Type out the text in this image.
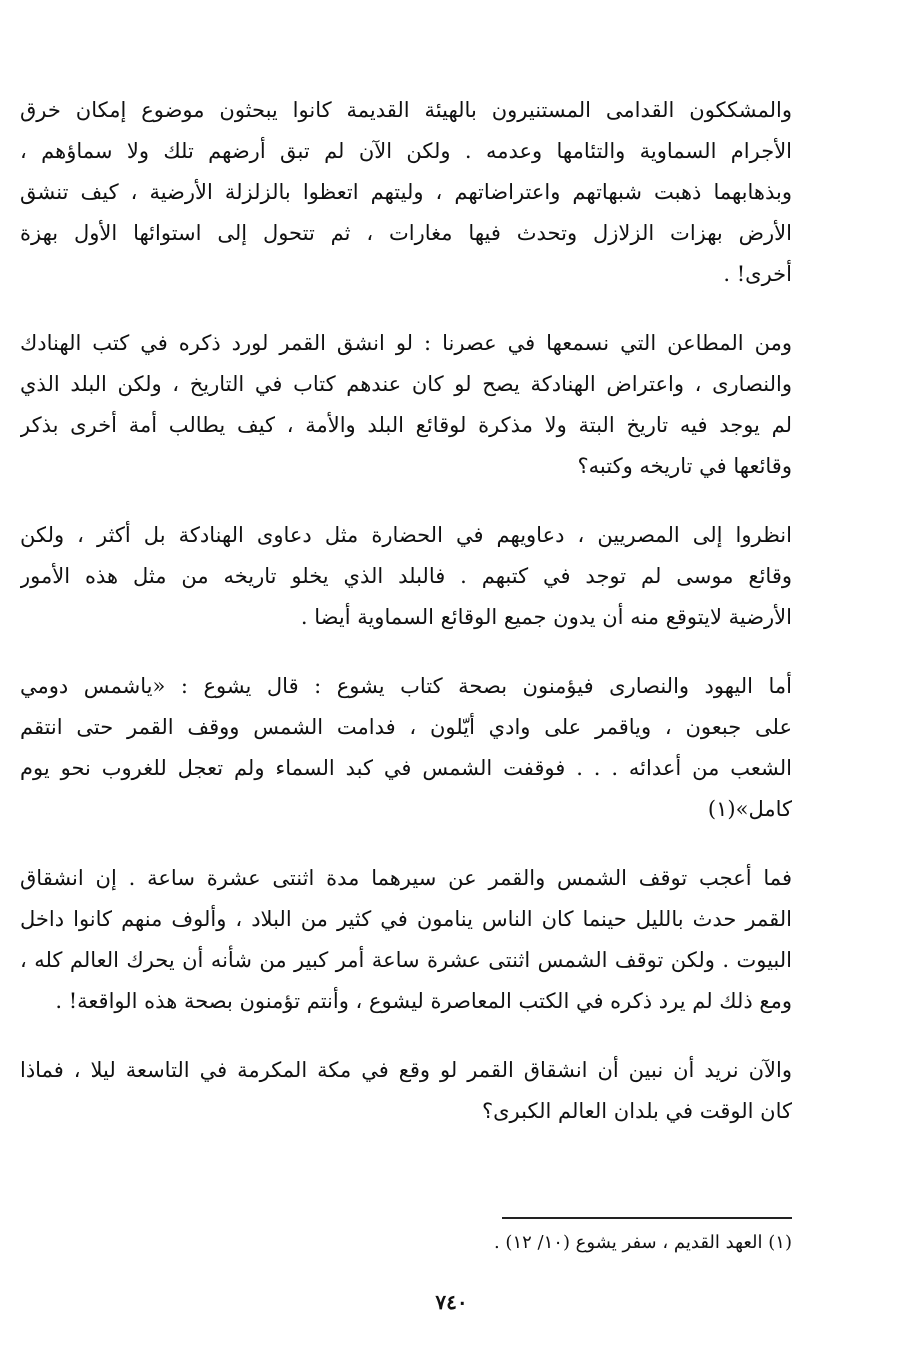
والمشككون القدامى المستنيرون بالهيئة القديمة كانوا يبحثون موضوع إمكان خرق
الأجرام السماوية والتئامها وعدمه . ولكن الآن لم تبق أرضهم تلك ولا سماؤهم ،
وبذهابهما ذهبت شبهاتهم واعتراضاتهم ، وليتهم اتعظوا بالزلزلة الأرضية ، كيف تنشق
الأرض بهزات الزلازل وتحدث فيها مغارات ، ثم تتحول إلى استوائها الأول بهزة
أخرى! .
ومن المطاعن التي نسمعها في عصرنا : لو انشق القمر لورد ذكره في كتب الهنادك
والنصارى ، واعتراض الهنادكة يصح لو كان عندهم كتاب في التاريخ ، ولكن البلد الذي
لم يوجد فيه تاريخ البتة ولا مذكرة لوقائع البلد والأمة ، كيف يطالب أمة أخرى بذكر
وقائعها في تاريخه وكتبه؟
انظروا إلى المصريين ، دعاويهم في الحضارة مثل دعاوى الهنادكة بل أكثر ، ولكن
وقائع موسى لم توجد في كتبهم . فالبلد الذي يخلو تاريخه من مثل هذه الأمور
الأرضية لايتوقع منه أن يدون جميع الوقائع السماوية أيضا .
أما اليهود والنصارى فيؤمنون بصحة كتاب يشوع : قال يشوع : «ياشمس دومي
على جبعون ، وياقمر على وادي أيّلون ، فدامت الشمس ووقف القمر حتى انتقم
الشعب من أعدائه . . . فوقفت الشمس في كبد السماء ولم تعجل للغروب نحو يوم
كامل»(١)
فما أعجب توقف الشمس والقمر عن سيرهما مدة اثنتى عشرة ساعة . إن انشقاق
القمر حدث بالليل حينما كان الناس ينامون في كثير من البلاد ، وألوف منهم كانوا داخل
البيوت . ولكن توقف الشمس اثنتى عشرة ساعة أمر كبير من شأنه أن يحرك العالم كله ،
ومع ذلك لم يرد ذكره في الكتب المعاصرة ليشوع ، وأنتم تؤمنون بصحة هذه الواقعة! .
والآن نريد أن نبين أن انشقاق القمر لو وقع في مكة المكرمة في التاسعة ليلا ، فماذا
كان الوقت في بلدان العالم الكبرى؟
(١) العهد القديم ، سفر يشوع (١٠/ ١٢) .
٧٤٠
